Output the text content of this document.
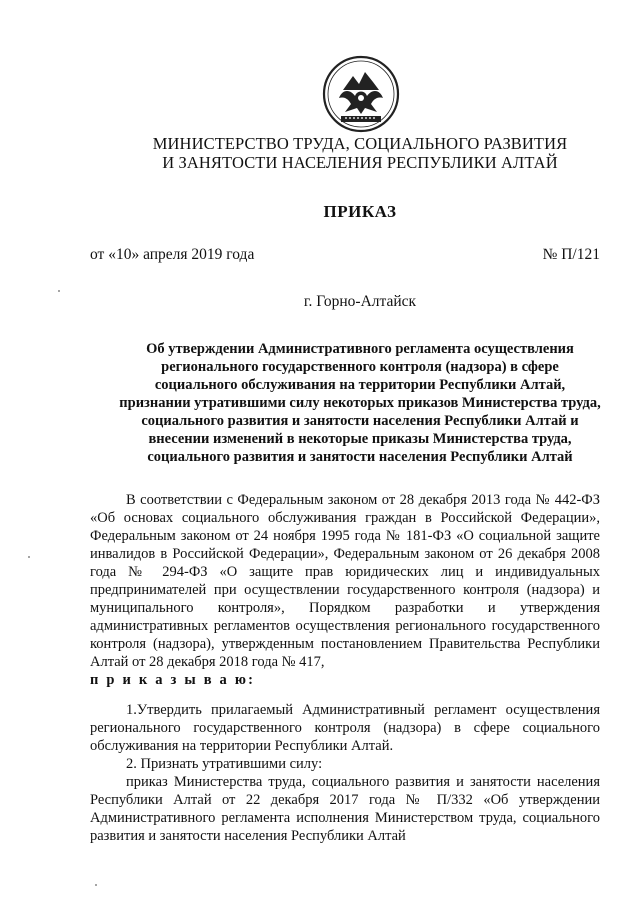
МИНИСТЕРСТВО ТРУДА, СОЦИАЛЬНОГО РАЗВИТИЯ
И ЗАНЯТОСТИ НАСЕЛЕНИЯ РЕСПУБЛИКИ АЛТАЙ
ПРИКАЗ
от «10» апреля 2019 года	№ П/121
г. Горно-Алтайск
Об утверждении Административного регламента осуществления
регионального государственного контроля (надзора) в сфере
социального обслуживания на территории Республики Алтай,
признании утратившими силу некоторых приказов Министерства труда,
социального развития и занятости населения Республики Алтай и
внесении изменений в некоторые приказы Министерства труда,
социального развития и занятости населения Республики Алтай

В соответствии с Федеральным законом от 28 декабря 2013 года № 442-ФЗ «Об основах социального обслуживания граждан в Российской Федерации», Федеральным законом от 24 ноября 1995 года № 181-ФЗ «О социальной защите инвалидов в Российской Федерации», Федеральным законом от 26 декабря 2008 года № 294-ФЗ «О защите прав юридических лиц и индивидуальных предпринимателей при осуществлении государственного контроля (надзора) и муниципального контроля», Порядком разработки и утверждения административных регламентов осуществления регионального государственного контроля (надзора), утвержденным постановлением Правительства Республики Алтай от 28 декабря 2018 года № 417,

п р и к а з ы в а ю:

1.Утвердить прилагаемый Административный регламент осуществления регионального государственного контроля (надзора) в сфере социального обслуживания на территории Республики Алтай.

2. Признать утратившими силу:

приказ Министерства труда, социального развития и занятости населения Республики Алтай от 22 декабря 2017 года № П/332 «Об утверждении Административного регламента исполнения Министерством труда, социального развития и занятости населения Республики Алтай
